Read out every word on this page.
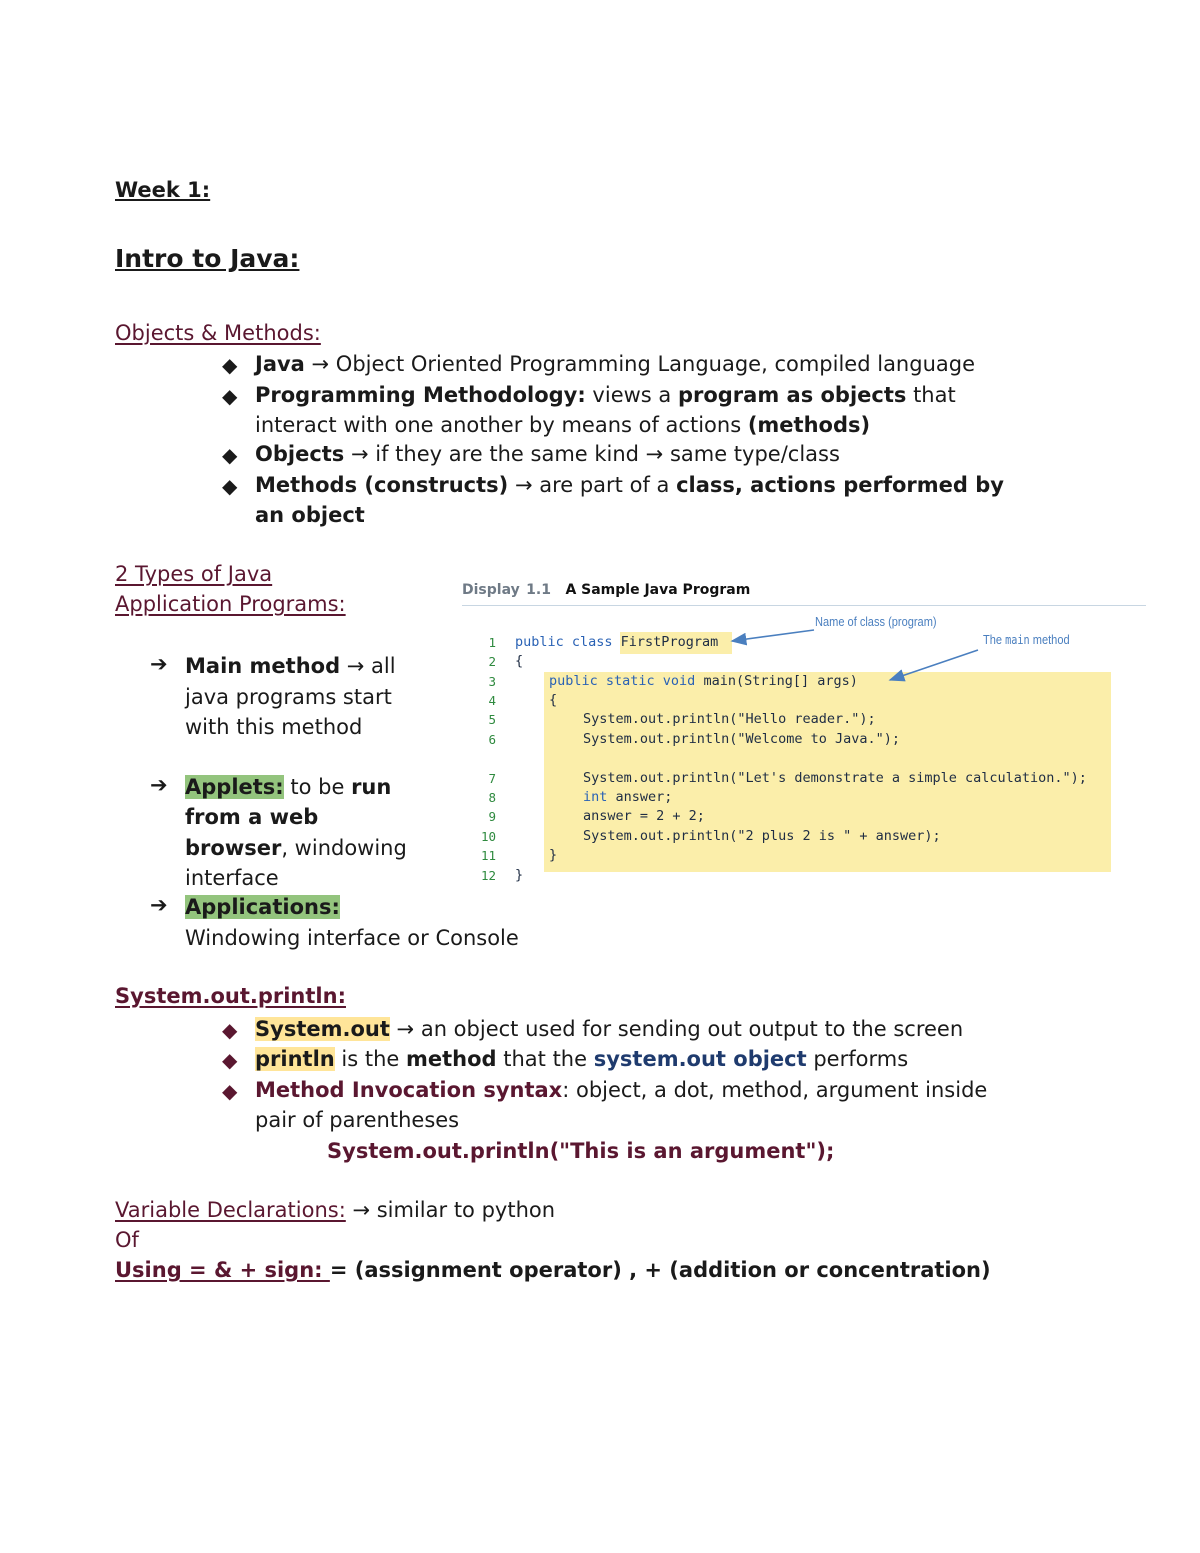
Week 1:
Intro to Java:
Objects & Methods:
◆ Java → Object Oriented Programming Language, compiled language
◆ Programming Methodology: views a program as objects that
interact with one another by means of actions (methods)
◆ Objects → if they are the same kind → same type/class
◆ Methods (constructs) → are part of a class, actions performed by
an object
2 Types of Java
Application Programs:
➔ Main method → all
java programs start
with this method
➔ Applets: to be run
from a web
browser, windowing
interface
➔ Applications:
Windowing interface or Console
Display 1.1 A Sample Java Program
Name of class (program)
The main method
1
2
3
4
5
6
7
8
9
10
11
12
public class FirstProgram
{
public static void main(String[] args)
{
System.out.println("Hello reader.");
System.out.println("Welcome to Java.");
System.out.println("Let's demonstrate a simple calculation.");
int answer;
answer = 2 + 2;
System.out.println("2 plus 2 is " + answer);
}
}
System.out.println:
◆ System.out → an object used for sending out output to the screen
◆ println is the method that the system.out object performs
◆ Method Invocation syntax: object, a dot, method, argument inside
pair of parentheses
System.out.println("This is an argument");
Variable Declarations: → similar to python
Of
Using = & + sign: = (assignment operator) , + (addition or concentration)
